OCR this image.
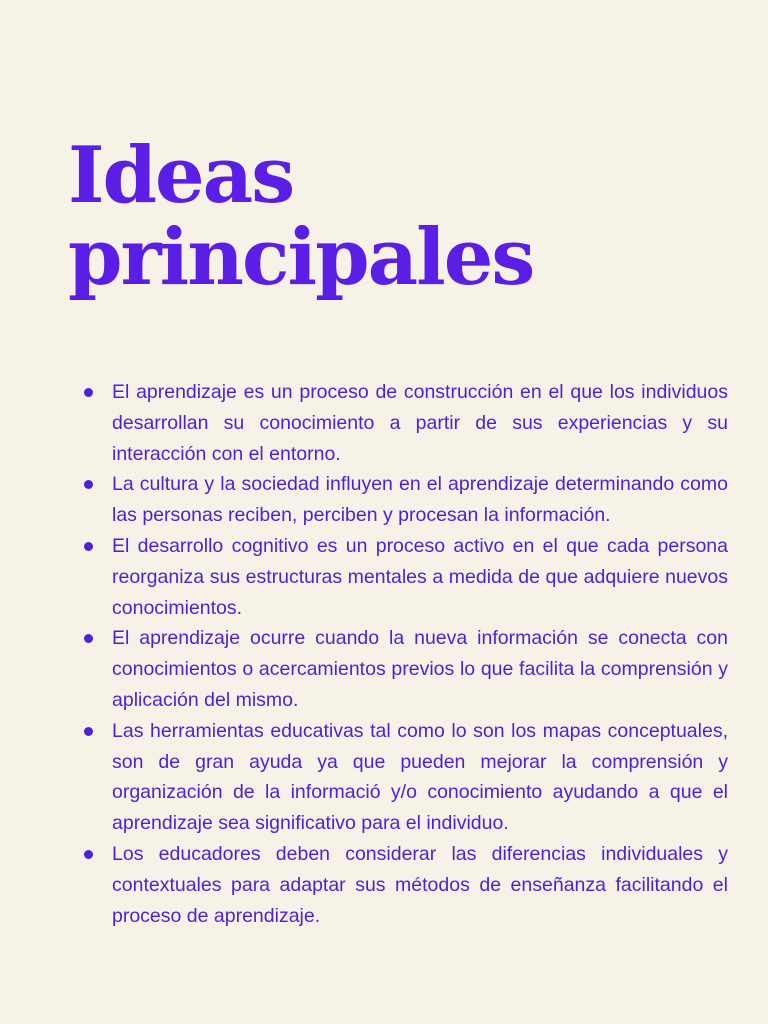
Ideas
principales
El aprendizaje es un proceso de construcción en el que los individuos desarrollan su conocimiento a partir de sus experiencias y su interacción con el entorno.
La cultura y la sociedad influyen en el aprendizaje determinando como las personas reciben, perciben y procesan la información.
El desarrollo cognitivo es un proceso activo en el que cada persona reorganiza sus estructuras mentales a medida de que adquiere nuevos conocimientos.
El aprendizaje ocurre cuando la nueva información se conecta con conocimientos o acercamientos previos lo que facilita la comprensión y aplicación del mismo.
Las herramientas educativas tal como lo son los mapas conceptuales, son de gran ayuda ya que pueden mejorar la comprensión y organización de la informació y/o conocimiento ayudando a que el aprendizaje sea significativo para el individuo.
Los educadores deben considerar las diferencias individuales y contextuales para adaptar sus métodos de enseñanza facilitando el proceso de aprendizaje.
